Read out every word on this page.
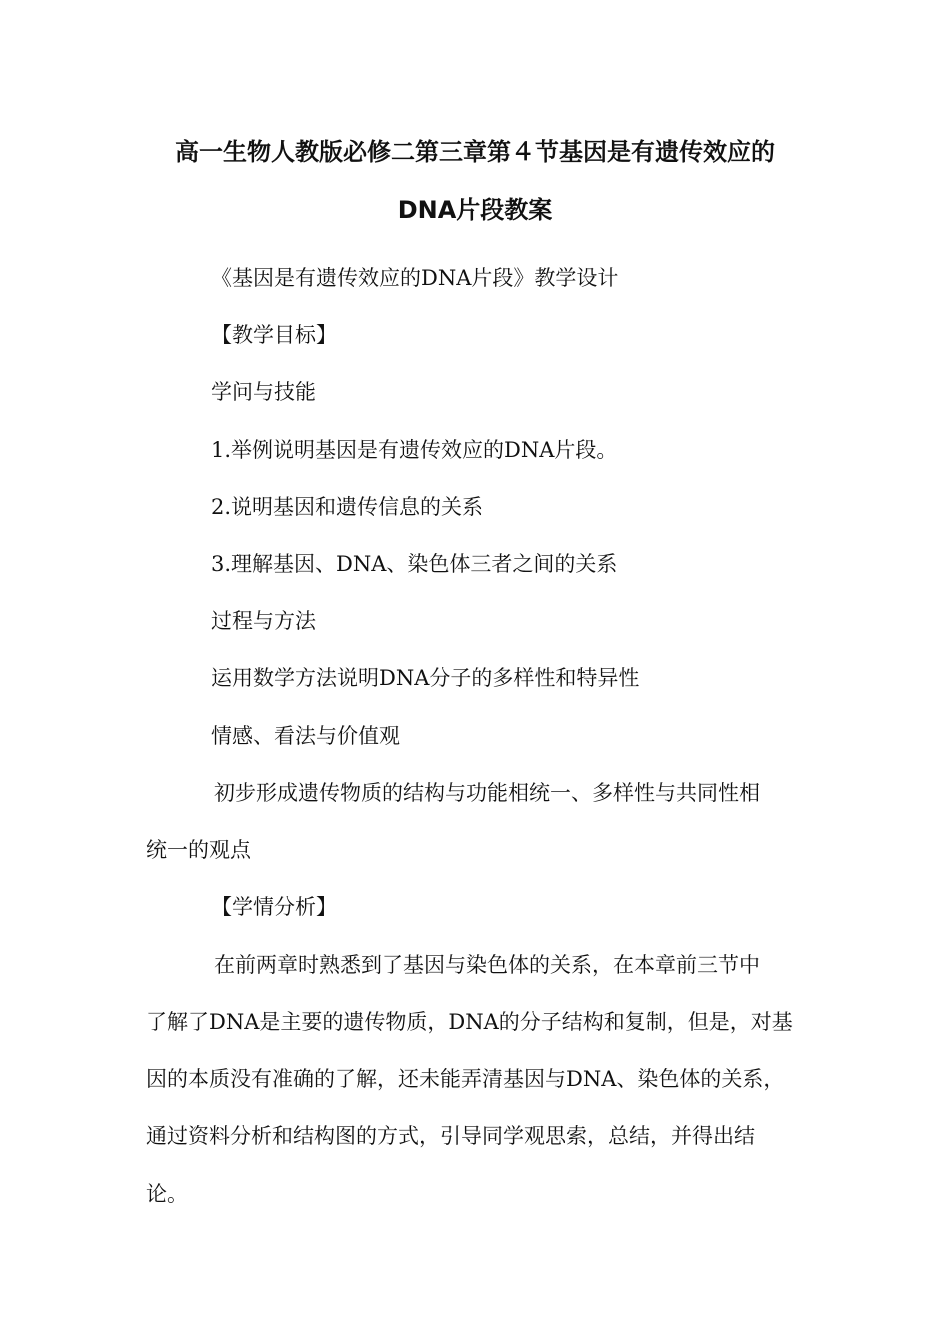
高一生物人教版必修二第三章第４节基因是有遗传效应的
DNA片段教案

《基因是有遗传效应的DNA片段》教学设计

【教学目标】

学问与技能

1.举例说明基因是有遗传效应的DNA片段。

2.说明基因和遗传信息的关系

3.理解基因、DNA、染色体三者之间的关系

过程与方法

运用数学方法说明DNA分子的多样性和特异性

情感、看法与价值观

初步形成遗传物质的结构与功能相统一、多样性与共同性相

统一的观点

【学情分析】

在前两章时熟悉到了基因与染色体的关系，在本章前三节中

了解了DNA是主要的遗传物质，DNA的分子结构和复制，但是，对基

因的本质没有准确的了解，还未能弄清基因与DNA、染色体的关系，

通过资料分析和结构图的方式，引导同学观思索，总结，并得出结

论。
